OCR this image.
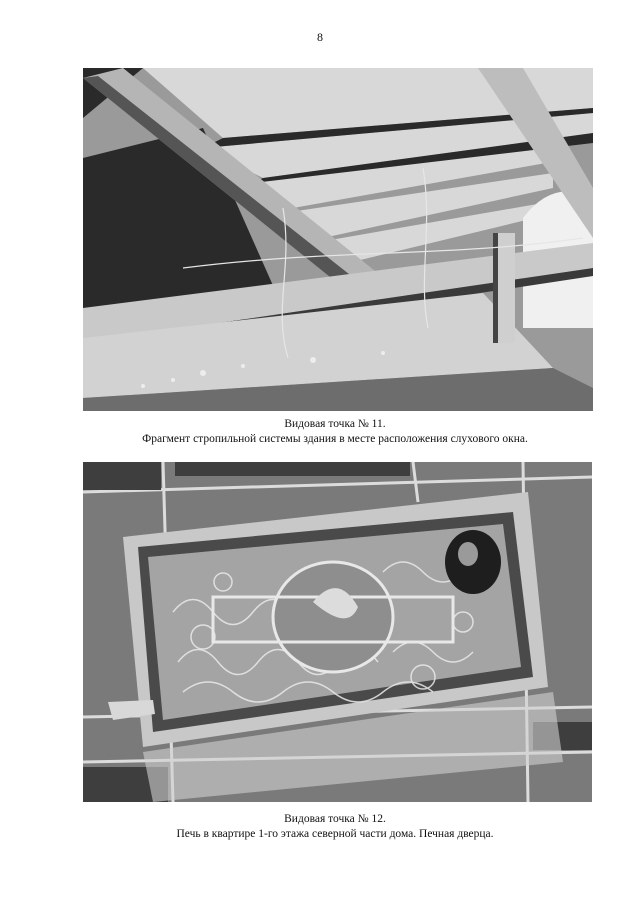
8
Видовая точка № 11.
Фрагмент стропильной системы здания в месте расположения слухового окна.
Видовая точка № 12.
Печь в квартире 1-го этажа северной части дома. Печная дверца.
